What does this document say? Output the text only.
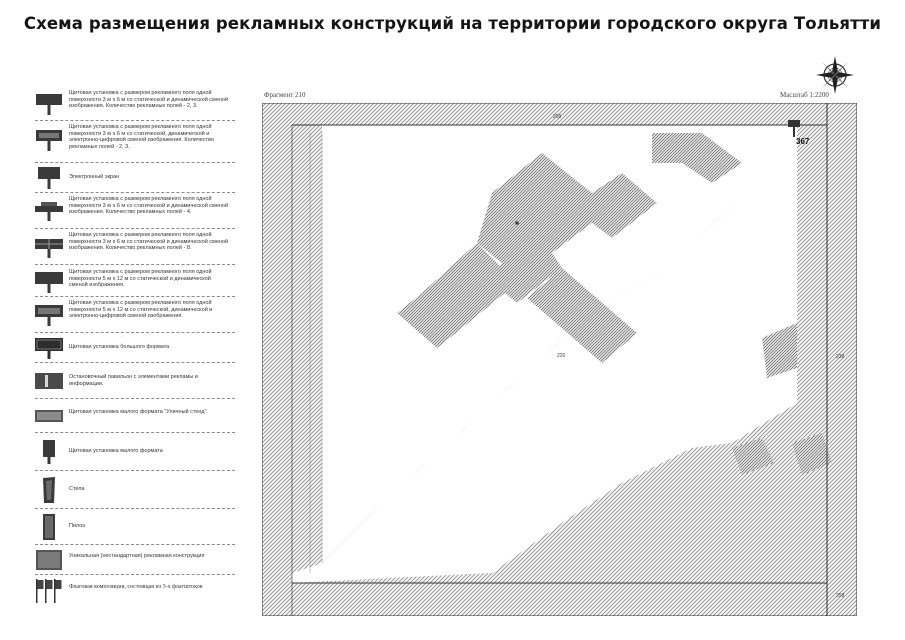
Схема размещения рекламных конструкций на территории городского округа Тольятти
Щитовая установка с размером рекламного поля одной поверхности 3 м х 6 м со статической и динамической сменой изображения. Количество рекламных полей - 2, 3.
Щитовая установка с размером рекламного поля одной поверхности 3 м х 6 м со статической, динамической и электронно-цифровой сменой изображения. Количество рекламных полей - 2, 3.
Электронный экран
Щитовая установка с размером рекламного поля одной поверхности 3 м х 6 м со статической и динамической сменой изображения. Количество рекламных полей - 4.
Щитовая установка с размером рекламного поля одной поверхности 3 м х 6 м со статической и динамической сменой изображения. Количество рекламных полей - 8.
Щитовая установка с размером рекламного поля одной поверхности 5 м х 12 м со статической и динамической сменой изображения.
Щитовая установка с размером рекламного поля одной поверхности 5 м х 12 м со статической, динамической и электронно-цифровой сменой изображения.
Щитовая установка большого формата
Остановочный павильон с элементами рекламы и информации.
Щитовая установка малого формата "Уличный стенд"
Щитовая установка малого формата
Стела
Пилон
Уникальная (нестандартная) рекламная конструкция
Флаговая композиция, состоящая из 3-х флагштоков
Фрагмент 210	Масштаб 1:2200
209
238
258
220
367
